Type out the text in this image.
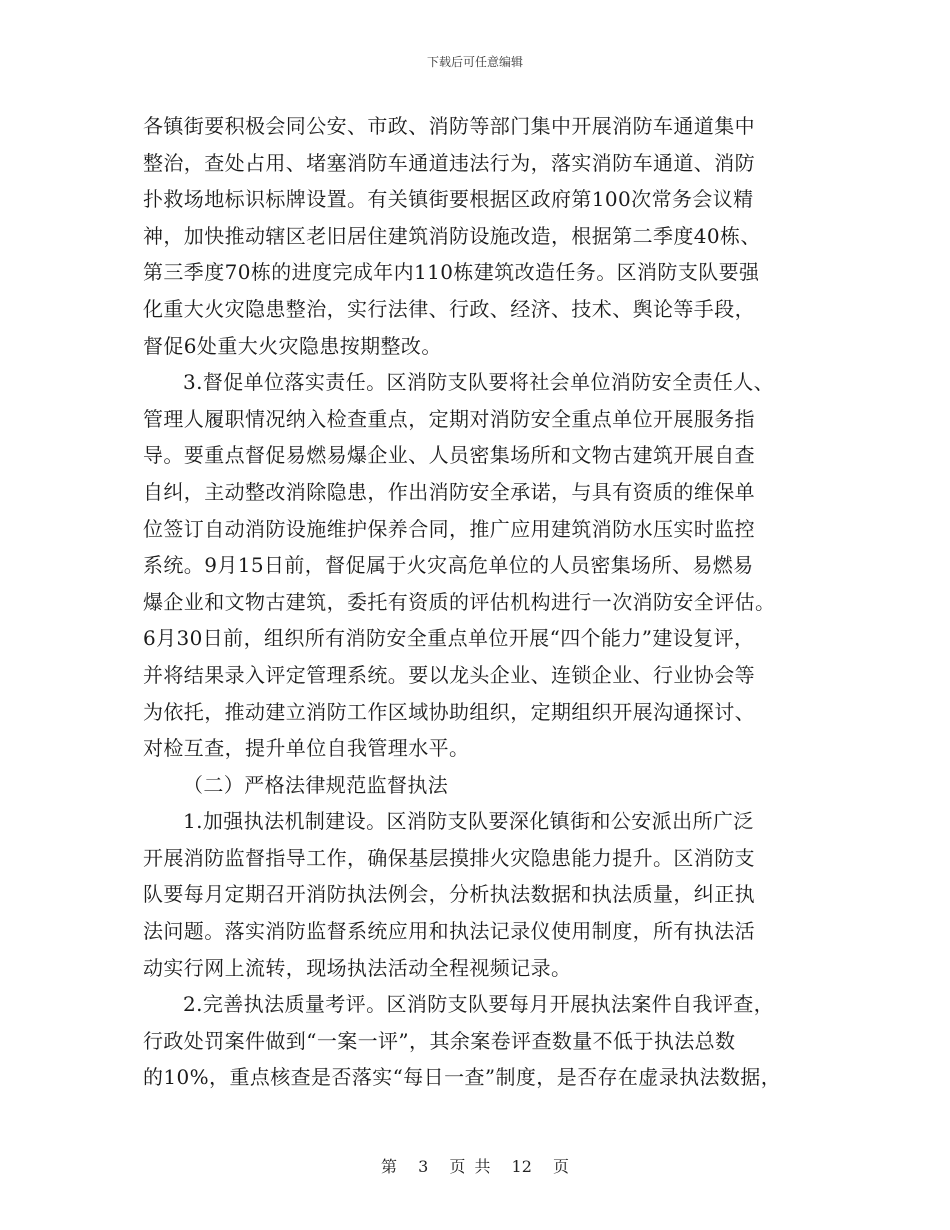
下载后可任意编辑
各镇街要积极会同公安、市政、消防等部门集中开展消防车通道集中
整治，查处占用、堵塞消防车通道违法行为，落实消防车通道、消防
扑救场地标识标牌设置。有关镇街要根据区政府第100次常务会议精
神，加快推动辖区老旧居住建筑消防设施改造，根据第二季度40栋、
第三季度70栋的进度完成年内110栋建筑改造任务。区消防支队要强
化重大火灾隐患整治，实行法律、行政、经济、技术、舆论等手段，
督促6处重大火灾隐患按期整改。
3.督促单位落实责任。区消防支队要将社会单位消防安全责任人、
管理人履职情况纳入检查重点，定期对消防安全重点单位开展服务指
导。要重点督促易燃易爆企业、人员密集场所和文物古建筑开展自查
自纠，主动整改消除隐患，作出消防安全承诺，与具有资质的维保单
位签订自动消防设施维护保养合同，推广应用建筑消防水压实时监控
系统。9月15日前，督促属于火灾高危单位的人员密集场所、易燃易
爆企业和文物古建筑，委托有资质的评估机构进行一次消防安全评估。
6月30日前，组织所有消防安全重点单位开展“四个能力”建设复评，
并将结果录入评定管理系统。要以龙头企业、连锁企业、行业协会等
为依托，推动建立消防工作区域协助组织，定期组织开展沟通探讨、
对检互查，提升单位自我管理水平。
（二）严格法律规范监督执法
1.加强执法机制建设。区消防支队要深化镇街和公安派出所广泛
开展消防监督指导工作，确保基层摸排火灾隐患能力提升。区消防支
队要每月定期召开消防执法例会，分析执法数据和执法质量，纠正执
法问题。落实消防监督系统应用和执法记录仪使用制度，所有执法活
动实行网上流转，现场执法活动全程视频记录。
2.完善执法质量考评。区消防支队要每月开展执法案件自我评查，
行政处罚案件做到“一案一评”，其余案卷评查数量不低于执法总数
的10%，重点核查是否落实“每日一查”制度，是否存在虚录执法数据，
第 3 页 共 12 页
